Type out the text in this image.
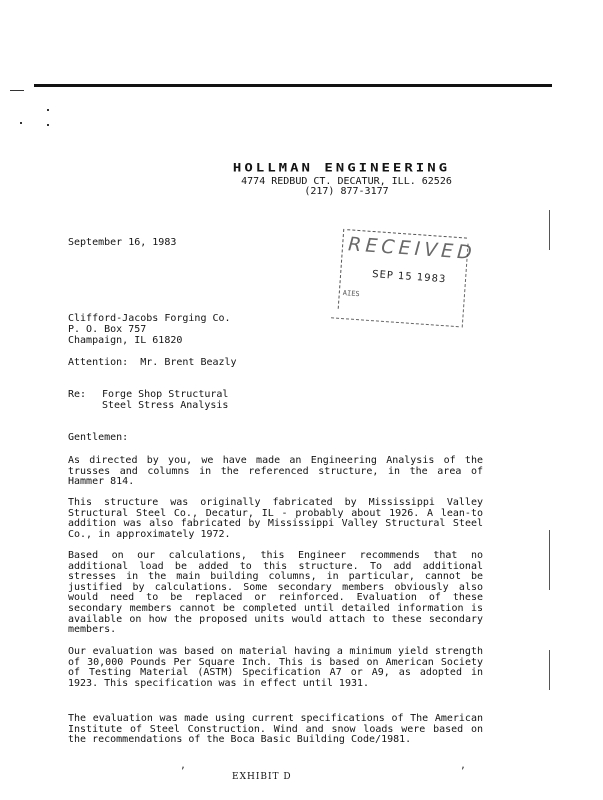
HOLLMAN ENGINEERING
4774 REDBUD CT. DECATUR, ILL. 62526
(217) 877-3177
RECEIVED
SEP 15 1983
AIES
September 16, 1983
Clifford-Jacobs Forging Co.
P. O. Box 757
Champaign, IL 61820
Attention:  Mr. Brent Beazly
Re: Forge Shop Structural
Steel Stress Analysis
Gentlemen:
As directed by you, we have made an Engineering Analysis of the trusses and columns in the referenced structure, in the area of Hammer 814.
This structure was originally fabricated by Mississippi Valley Structural Steel Co., Decatur, IL - probably about 1926. A lean-to addition was also fabricated by Mississippi Valley Structural Steel Co., in approximately 1972.
Based on our calculations, this Engineer recommends that no additional load be added to this structure. To add additional stresses in the main building columns, in particular, cannot be justified by calculations. Some secondary members obviously also would need to be replaced or reinforced. Evaluation of these secondary members cannot be completed until detailed information is available on how the proposed units would attach to these secondary members.
Our evaluation was based on material having a minimum yield strength of 30,000 Pounds Per Square Inch. This is based on American Society of Testing Material (ASTM) Specification A7 or A9, as adopted in 1923. This specification was in effect until 1931.
The evaluation was made using current specifications of The American Institute of Steel Construction. Wind and snow loads were based on the recommendations of the Boca Basic Building Code/1981.
,	,
EXHIBIT D
